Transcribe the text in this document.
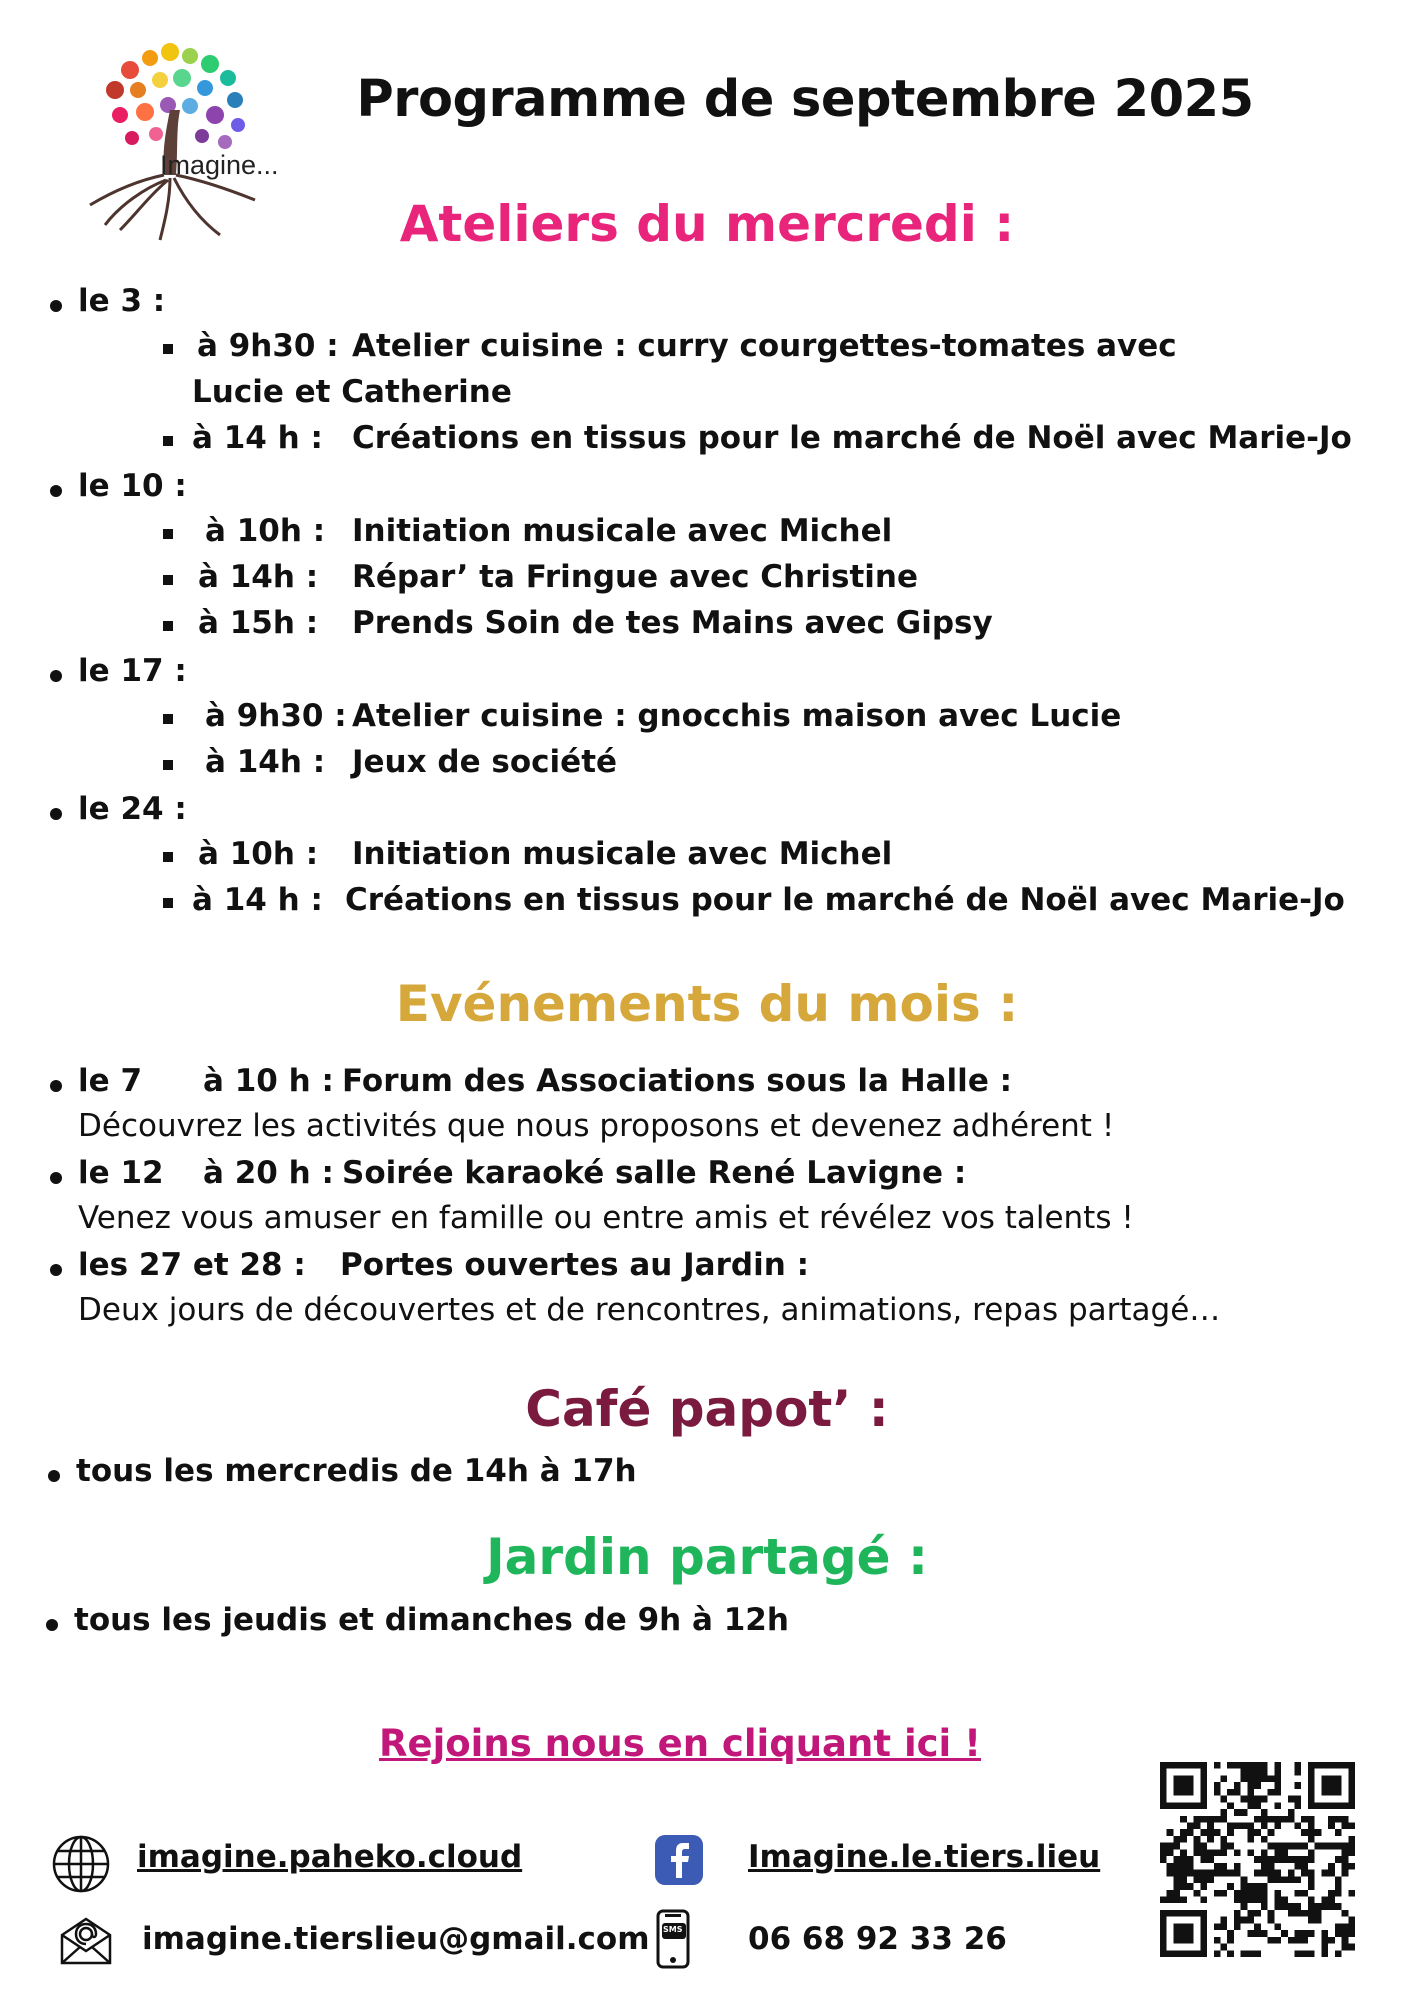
Imagine...
Programme de septembre 2025
Ateliers du mercredi :
le 3 :
à 9h30 : Atelier cuisine : curry courgettes-tomates avec
Lucie et Catherine
à 14 h : Créations en tissus pour le marché de Noël avec Marie-Jo
le 10 :
à 10h : Initiation musicale avec Michel
à 14h : Répar’ ta Fringue avec Christine
à 15h : Prends Soin de tes Mains avec Gipsy
le 17 :
à 9h30 : Atelier cuisine : gnocchis maison avec Lucie
à 14h : Jeux de société
le 24 :
à 10h : Initiation musicale avec Michel
à 14 h : Créations en tissus pour le marché de Noël avec Marie-Jo
Evénements du mois :
le 7 à 10 h : Forum des Associations sous la Halle :
Découvrez les activités que nous proposons et devenez adhérent !
le 12 à 20 h : Soirée karaoké salle René Lavigne :
Venez vous amuser en famille ou entre amis et révélez vos talents !
les 27 et 28 : Portes ouvertes au Jardin :
Deux jours de découvertes et de rencontres, animations, repas partagé…
Café papot’ :
tous les mercredis de 14h à 17h
Jardin partagé :
tous les jeudis et dimanches de 9h à 12h
Rejoins nous en cliquant ici !
imagine.paheko.cloud	Imagine.le.tiers.lieu
imagine.tierslieu@gmail.com SMS 06 68 92 33 26
